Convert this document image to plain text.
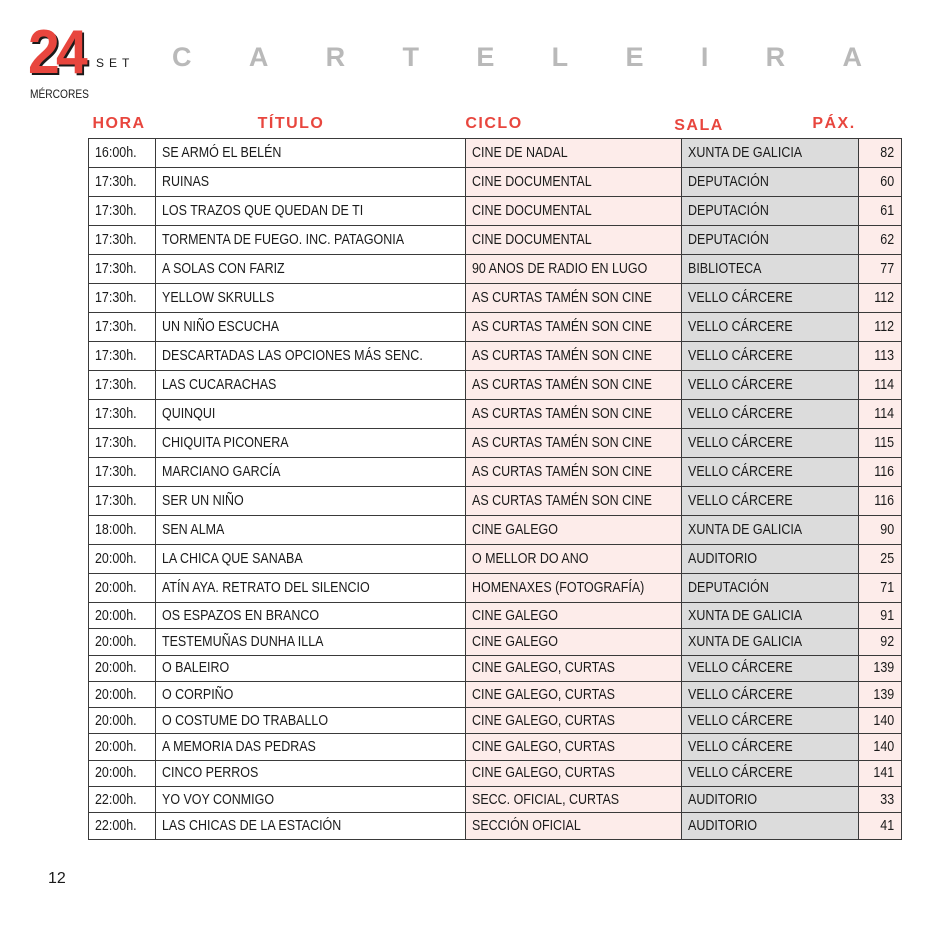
24 SET
MÉRCORES
C A R T E L E I R A
HORA	TÍTULO	CICLO	SALA	PÁX.
16:00h.	SE ARMÓ EL BELÉN	CINE DE NADAL	XUNTA DE GALICIA	82
17:30h.	RUINAS	CINE DOCUMENTAL	DEPUTACIÓN	60
17:30h.	LOS TRAZOS QUE QUEDAN DE TI	CINE DOCUMENTAL	DEPUTACIÓN	61
17:30h.	TORMENTA DE FUEGO. INC. PATAGONIA	CINE DOCUMENTAL	DEPUTACIÓN	62
17:30h.	A SOLAS CON FARIZ	90 ANOS DE RADIO EN LUGO	BIBLIOTECA	77
17:30h.	YELLOW SKRULLS	AS CURTAS TAMÉN SON CINE	VELLO CÁRCERE	112
17:30h.	UN NIÑO ESCUCHA	AS CURTAS TAMÉN SON CINE	VELLO CÁRCERE	112
17:30h.	DESCARTADAS LAS OPCIONES MÁS SENC.	AS CURTAS TAMÉN SON CINE	VELLO CÁRCERE	113
17:30h.	LAS CUCARACHAS	AS CURTAS TAMÉN SON CINE	VELLO CÁRCERE	114
17:30h.	QUINQUI	AS CURTAS TAMÉN SON CINE	VELLO CÁRCERE	114
17:30h.	CHIQUITA PICONERA	AS CURTAS TAMÉN SON CINE	VELLO CÁRCERE	115
17:30h.	MARCIANO GARCÍA	AS CURTAS TAMÉN SON CINE	VELLO CÁRCERE	116
17:30h.	SER UN NIÑO	AS CURTAS TAMÉN SON CINE	VELLO CÁRCERE	116
18:00h.	SEN ALMA	CINE GALEGO	XUNTA DE GALICIA	90
20:00h.	LA CHICA QUE SANABA	O MELLOR DO ANO	AUDITORIO	25
20:00h.	ATÍN AYA. RETRATO DEL SILENCIO	HOMENAXES (FOTOGRAFÍA)	DEPUTACIÓN	71
20:00h.	OS ESPAZOS EN BRANCO	CINE GALEGO	XUNTA DE GALICIA	91
20:00h.	TESTEMUÑAS DUNHA ILLA	CINE GALEGO	XUNTA DE GALICIA	92
20:00h.	O BALEIRO	CINE GALEGO, CURTAS	VELLO CÁRCERE	139
20:00h.	O CORPIÑO	CINE GALEGO, CURTAS	VELLO CÁRCERE	139
20:00h.	O COSTUME DO TRABALLO	CINE GALEGO, CURTAS	VELLO CÁRCERE	140
20:00h.	A MEMORIA DAS PEDRAS	CINE GALEGO, CURTAS	VELLO CÁRCERE	140
20:00h.	CINCO PERROS	CINE GALEGO, CURTAS	VELLO CÁRCERE	141
22:00h.	YO VOY CONMIGO	SECC. OFICIAL, CURTAS	AUDITORIO	33
22:00h.	LAS CHICAS DE LA ESTACIÓN	SECCIÓN OFICIAL	AUDITORIO	41
12
